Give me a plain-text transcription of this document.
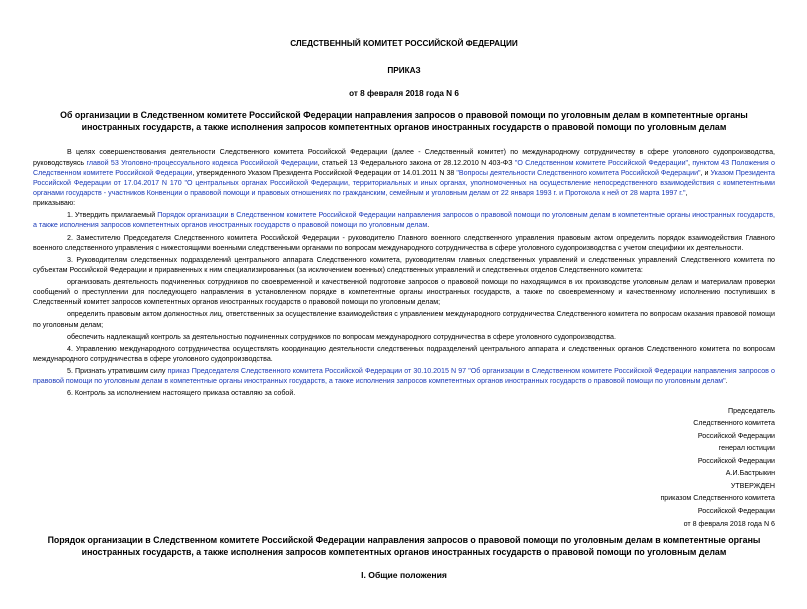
СЛЕДСТВЕННЫЙ КОМИТЕТ РОССИЙСКОЙ ФЕДЕРАЦИИ
ПРИКАЗ
от 8 февраля 2018 года N 6
Об организации в Следственном комитете Российской Федерации направления запросов о правовой помощи по уголовным делам в компетентные органы иностранных государств, а также исполнения запросов компетентных органов иностранных государств о правовой помощи по уголовным делам

В целях совершенствования деятельности Следственного комитета Российской Федерации (далее - Следственный комитет) по международному сотрудничеству в сфере уголовного судопроизводства, руководствуясь главой 53 Уголовно-процессуального кодекса Российской Федерации, статьей 13 Федерального закона от 28.12.2010 N 403-ФЗ "О Следственном комитете Российской Федерации", пунктом 43 Положения о Следственном комитете Российской Федерации, утвержденного Указом Президента Российской Федерации от 14.01.2011 N 38 "Вопросы деятельности Следственного комитета Российской Федерации", и Указом Президента Российской Федерации от 17.04.2017 N 170 "О центральных органах Российской Федерации, территориальных и иных органах, уполномоченных на осуществление непосредственного взаимодействия с компетентными органами государств - участников Конвенции о правовой помощи и правовых отношениях по гражданским, семейным и уголовным делам от 22 января 1993 г. и Протокола к ней от 28 марта 1997 г.",

приказываю:

1. Утвердить прилагаемый Порядок организации в Следственном комитете Российской Федерации направления запросов о правовой помощи по уголовным делам в компетентные органы иностранных государств, а также исполнения запросов компетентных органов иностранных государств о правовой помощи по уголовным делам.

2. Заместителю Председателя Следственного комитета Российской Федерации - руководителю Главного военного следственного управления правовым актом определить порядок взаимодействия Главного военного следственного управления с нижестоящими военными следственными органами по вопросам международного сотрудничества в сфере уголовного судопроизводства с учетом специфики их деятельности.

3. Руководителям следственных подразделений центрального аппарата Следственного комитета, руководителям главных следственных управлений и следственных управлений Следственного комитета по субъектам Российской Федерации и приравненных к ним специализированных (за исключением военных) следственных управлений и следственных отделов Следственного комитета:

организовать деятельность подчиненных сотрудников по своевременной и качественной подготовке запросов о правовой помощи по находящимся в их производстве уголовным делам и материалам проверки сообщений о преступлении для последующего направления в установленном порядке в компетентные органы иностранных государств, а также по своевременному и качественному исполнению поступивших в Следственный комитет запросов компетентных органов иностранных государств о правовой помощи по уголовным делам;

определить правовым актом должностных лиц, ответственных за осуществление взаимодействия с управлением международного сотрудничества Следственного комитета по вопросам оказания правовой помощи по уголовным делам;

обеспечить надлежащий контроль за деятельностью подчиненных сотрудников по вопросам международного сотрудничества в сфере уголовного судопроизводства.

4. Управлению международного сотрудничества осуществлять координацию деятельности следственных подразделений центрального аппарата и следственных органов Следственного комитета по вопросам международного сотрудничества в сфере уголовного судопроизводства.

5. Признать утратившим силу приказ Председателя Следственного комитета Российской Федерации от 30.10.2015 N 97 "Об организации в Следственном комитете Российской Федерации направления запросов о правовой помощи по уголовным делам в компетентные органы иностранных государств, а также исполнения запросов компетентных органов иностранных государств о правовой помощи по уголовным делам".

6. Контроль за исполнением настоящего приказа оставляю за собой.

Председатель
Следственного комитета
Российской Федерации
генерал юстиции
Российской Федерации
А.И.Бастрыкин
УТВЕРЖДЕН
приказом Следственного комитета
Российской Федерации
от 8 февраля 2018 года N 6
Порядок организации в Следственном комитете Российской Федерации направления запросов о правовой помощи по уголовным делам в компетентные органы иностранных государств, а также исполнения запросов компетентных органов иностранных государств о правовой помощи по уголовным делам
I. Общие положения
